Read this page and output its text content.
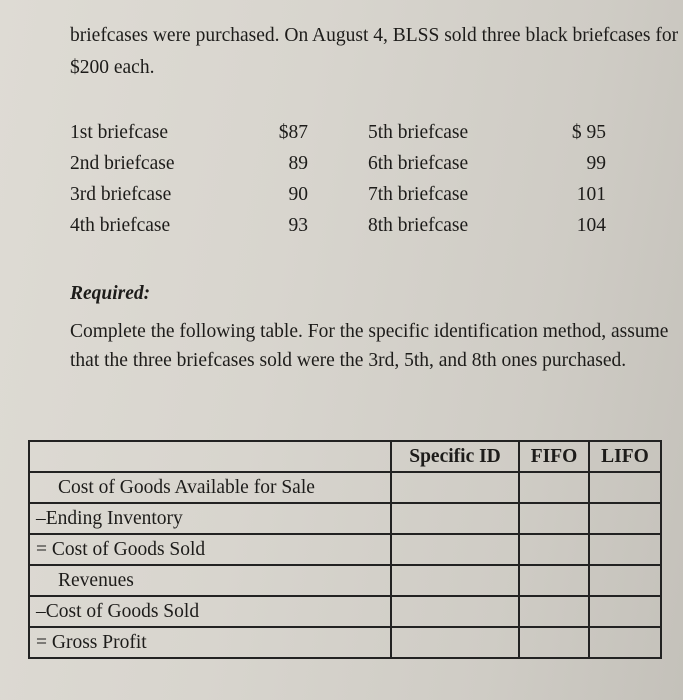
briefcases were purchased. On August 4, BLSS sold three black briefcases for $200 each.
1st briefcase	$87	5th briefcase	$ 95
2nd briefcase	89	6th briefcase	99
3rd briefcase	90	7th briefcase	101
4th briefcase	93	8th briefcase	104
Required:
Complete the following table. For the specific identification method, assume that the three briefcases sold were the 3rd, 5th, and 8th ones purchased.
	Specific ID	FIFO	LIFO
Cost of Goods Available for Sale			
–Ending Inventory			
= Cost of Goods Sold			
Revenues			
–Cost of Goods Sold			
= Gross Profit			
